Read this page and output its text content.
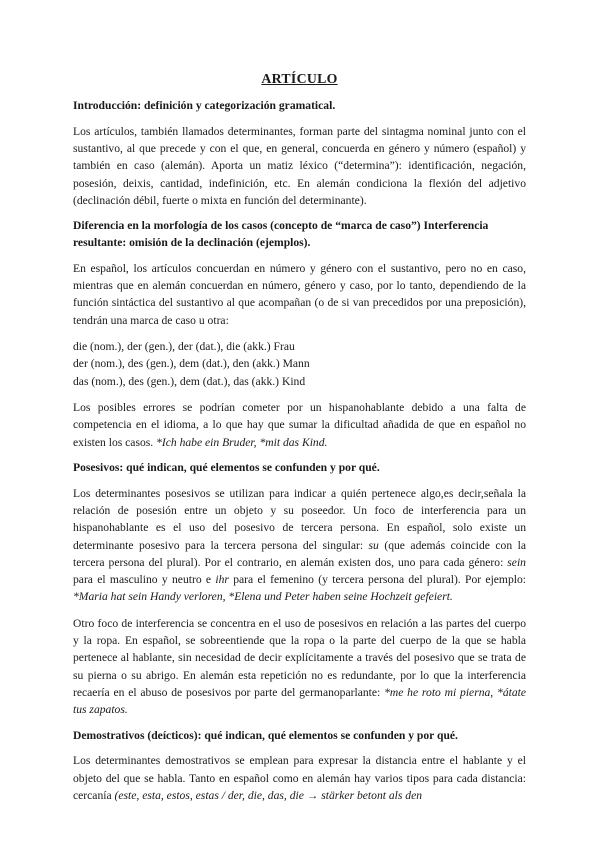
ARTÍCULO
Introducción: definición y categorización gramatical.

Los artículos, también llamados determinantes, forman parte del sintagma nominal junto con el sustantivo, al que precede y con el que, en general, concuerda en género y número (español) y también en caso (alemán). Aporta un matiz léxico (“determina”): identificación, negación, posesión, deixis, cantidad, indefinición, etc. En alemán condiciona la flexión del adjetivo (declinación débil, fuerte o mixta en función del determinante).

Diferencia en la morfología de los casos (concepto de “marca de caso”) Interferencia resultante: omisión de la declinación (ejemplos).

En español, los artículos concuerdan en número y género con el sustantivo, pero no en caso, mientras que en alemán concuerdan en número, género y caso, por lo tanto, dependiendo de la función sintáctica del sustantivo al que acompañan (o de si van precedidos por una preposición), tendrán una marca de caso u otra:

die (nom.), der (gen.), der (dat.), die (akk.) Frau
der (nom.), des (gen.), dem (dat.), den (akk.) Mann
das (nom.), des (gen.), dem (dat.), das (akk.) Kind

Los posibles errores se podrían cometer por un hispanohablante debido a una falta de competencia en el idioma, a lo que hay que sumar la dificultad añadida de que en español no existen los casos. *Ich habe ein Bruder, *mit das Kind.

Posesivos: qué indican, qué elementos se confunden y por qué.

Los determinantes posesivos se utilizan para indicar a quién pertenece algo,es decir,señala la relación de posesión entre un objeto y su poseedor. Un foco de interferencia para un hispanohablante es el uso del posesivo de tercera persona. En español, solo existe un determinante posesivo para la tercera persona del singular: su (que además coincide con la tercera persona del plural). Por el contrario, en alemán existen dos, uno para cada género: sein para el masculino y neutro e ihr para el femenino (y tercera persona del plural). Por ejemplo: *Maria hat sein Handy verloren, *Elena und Peter haben seine Hochzeit gefeiert.

Otro foco de interferencia se concentra en el uso de posesivos en relación a las partes del cuerpo y la ropa. En español, se sobreentiende que la ropa o la parte del cuerpo de la que se habla pertenece al hablante, sin necesidad de decir explícitamente a través del posesivo que se trata de su pierna o su abrigo. En alemán esta repetición no es redundante, por lo que la interferencia recaería en el abuso de posesivos por parte del germanoparlante: *me he roto mi pierna, *átate tus zapatos.

Demostrativos (deícticos): qué indican, qué elementos se confunden y por qué.

Los determinantes demostrativos se emplean para expresar la distancia entre el hablante y el objeto del que se habla. Tanto en español como en alemán hay varios tipos para cada distancia: cercanía (este, esta, estos, estas / der, die, das, die → stärker betont als den
